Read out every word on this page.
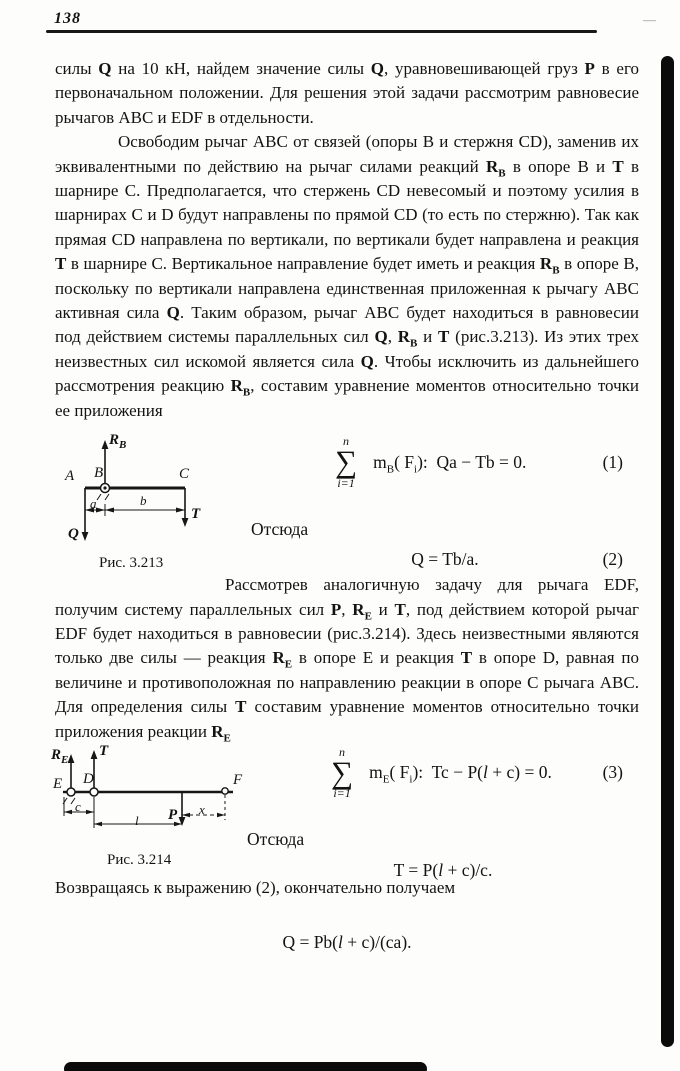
138	—

силы Q на 10 кН, найдем значение силы Q, уравновешивающей груз P в его первоначальном положении. Для решения этой задачи рассмотрим равновесие рычагов ABC и EDF в отдельности.

Освободим рычаг ABC от связей (опоры B и стержня CD), заменив их эквивалентными по действию на рычаг силами реакций $R_B$ в опоре B и T в шарнире C. Предполагается, что стержень CD невесомый и поэтому усилия в шарнирах C и D будут направлены по прямой CD (то есть по стержню). Так как прямая CD направлена по вертикали, по вертикали будет направлена и реакция T в шарнире C. Вертикальное направление будет иметь и реакция $R_B$ в опоре B, поскольку по вертикали направлена единственная приложенная к рычагу ABC активная сила Q. Таким образом, рычаг ABC будет находиться в равновесии под действием системы параллельных сил Q, $R_B$ и T (рис.3.213). Из этих трех неизвестных сил искомой является сила Q. Чтобы исключить из дальнейшего рассмотрения реакцию $R_B$, составим уравнение моментов относительно точки ее приложения

$R_B$
A B	C
T
Q
a	b
Рис. 3.213
n
∑
i=1
$m_B$( $F_i$):  Qa − Tb = 0.	(1)
Отсюда
Q = Tb/a.	(2)

Рассмотрев аналогичную задачу для рычага EDF, получим систему параллельных сил P, $R_E$ и T, под действием которой рычаг EDF будет находиться в равновесии (рис.3.214). Здесь неизвестными являются только две силы — реакция $R_E$ в опоре E и реакция T в опоре D, равная по величине и противоположная по направлению реакции в опоре C рычага ABC. Для определения силы T составим уравнение моментов относительно точки приложения реакции $R_E$

$R_E$
T
E D	F
P
c
l
x
Рис. 3.214
n
∑
i=1
$m_E$( $F_i$):  Tc − P(l + c) = 0.	(3)
Отсюда
T = P(l + c)/c.

Возвращаясь к выражению (2), окончательно получаем

Q = Pb(l + c)/(ca).
